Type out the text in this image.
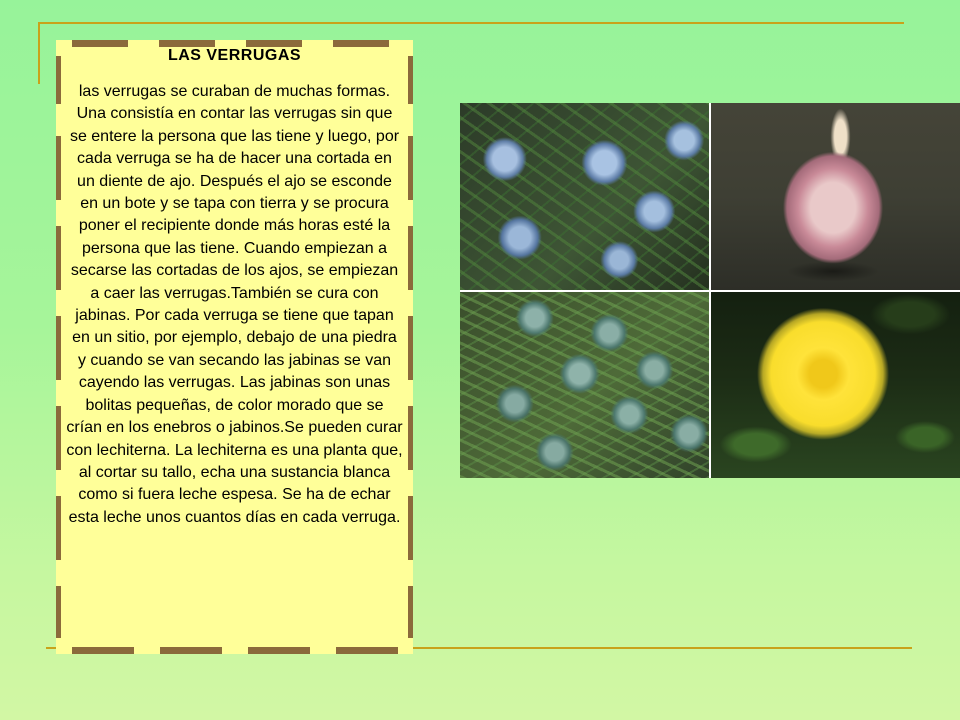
LAS VERRUGAS

las verrugas se curaban de muchas formas. Una consistía en contar las verrugas sin que se entere la persona que las tiene y luego, por cada verruga se ha de hacer una cortada en un diente de ajo. Después el ajo se esconde en un bote y se tapa con tierra y se procura poner el recipiente donde más horas esté la persona que las tiene. Cuando empiezan a secarse las cortadas de los ajos, se empiezan a caer las verrugas.También se cura con jabinas. Por cada verruga se tiene que tapan en un sitio, por ejemplo, debajo de una piedra y cuando se van secando las jabinas se van cayendo las verrugas. Las jabinas son unas bolitas pequeñas, de color morado que se crían en los enebros o jabinos.Se pueden curar con lechiterna. La lechiterna es una planta que, al cortar su tallo, echa una sustancia blanca como si fuera leche espesa. Se ha de echar esta leche unos cuantos días en cada verruga.
